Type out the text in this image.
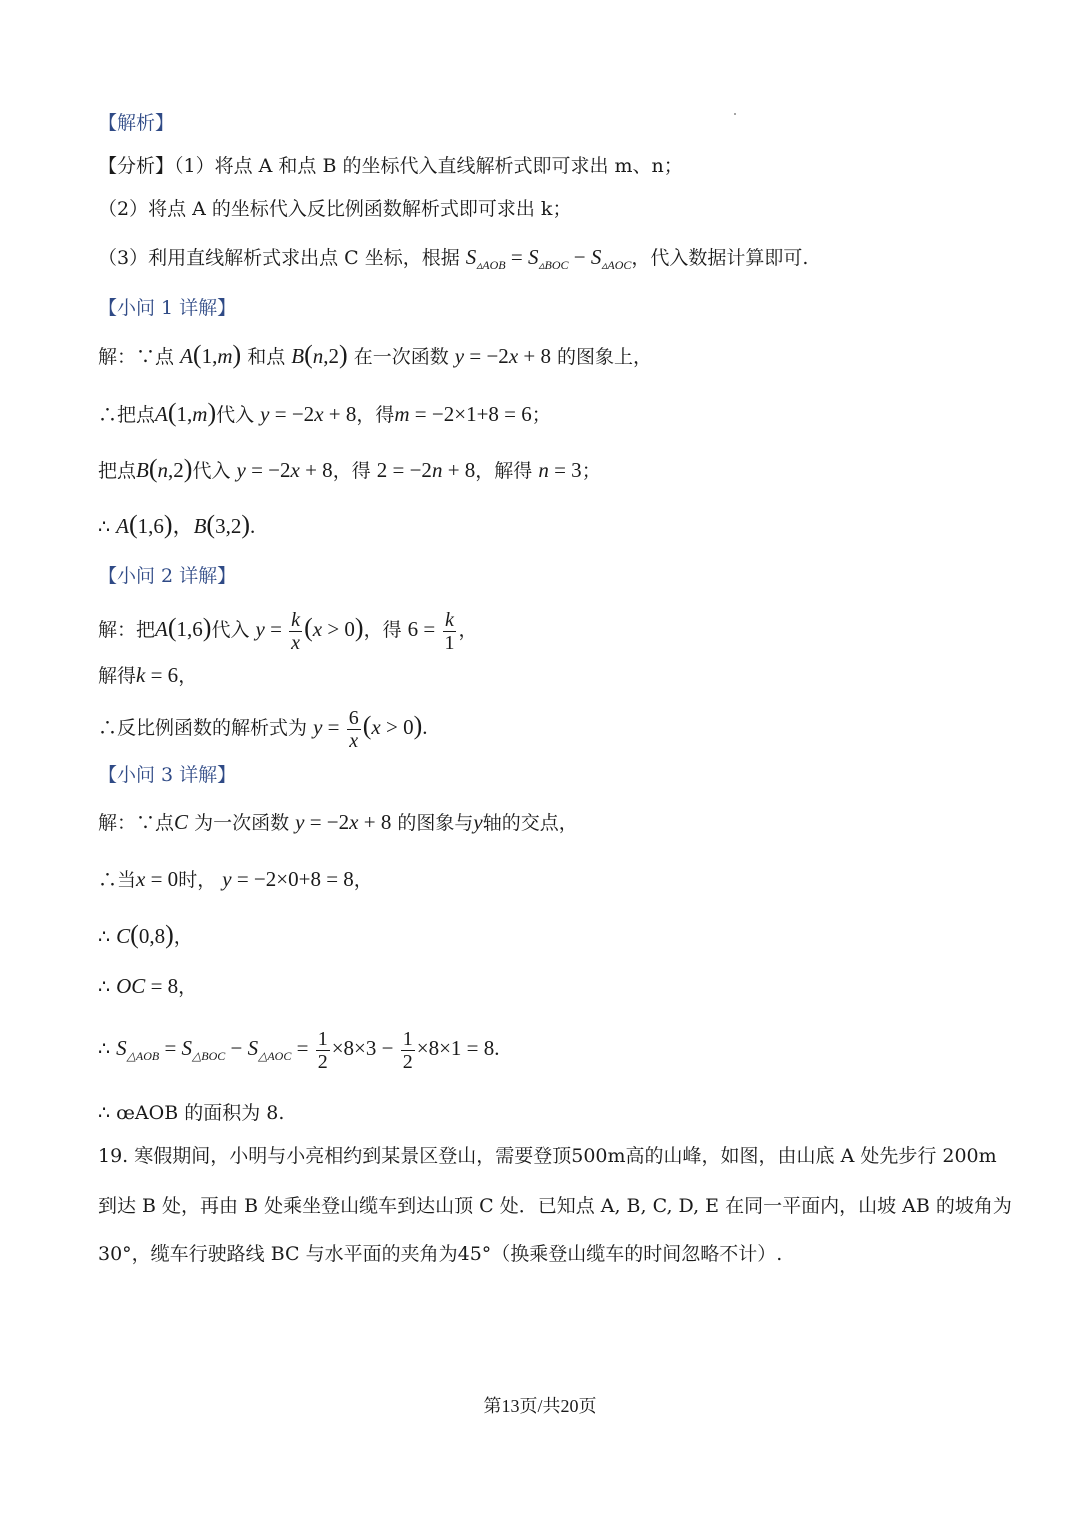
【解析】
【分析】（1）将点 A 和点 B 的坐标代入直线解析式即可求出 m、n；
（2）将点 A 的坐标代入反比例函数解析式即可求出 k；
（3）利用直线解析式求出点 C 坐标，根据 $S_{▵AOB} = S_{▵BOC} - S_{▵AOC}$，代入数据计算即可.
【小问 1 详解】
解：∵点 A(1,m) 和点 B(n,2) 在一次函数 y = −2x + 8 的图象上，
∴把点A(1,m)代入 y = −2x + 8，得m = −2×1+8 = 6；
把点B(n,2)代入 y = −2x + 8，得 2 = −2n + 8，解得 n = 3；
∴ A(1,6)，B(3,2).
【小问 2 详解】
解：把A(1,6)代入 $y = \frac{k}{x} (x > 0)$，得 $6 = \frac{k}{1}$ ，
解得k = 6，
∴反比例函数的解析式为 $y = \frac{6}{x} (x > 0)$.
【小问 3 详解】
解：∵点C 为一次函数 y = −2x + 8 的图象与y轴的交点，
∴当x = 0时， y = −2×0+8 = 8，
∴ C(0,8)，
∴ OC = 8，
∴ $S_{\triangle AOB} = S_{\triangle BOC} - S_{\triangle AOC} = \frac{1}{2} \times 8\times 3 - \frac{1}{2} \times 8\times 1 = 8$.
∴ œAOB 的面积为 8.
19. 寒假期间，小明与小亮相约到某景区登山，需要登顶500m高的山峰，如图，由山底 A 处先步行 200m
到达 B 处，再由 B 处乘坐登山缆车到达山顶 C 处．已知点 A, B, C, D, E 在同一平面内，山坡 AB 的坡角为
30°，缆车行驶路线 BC 与水平面的夹角为45°（换乘登山缆车的时间忽略不计）.
第13页/共20页
